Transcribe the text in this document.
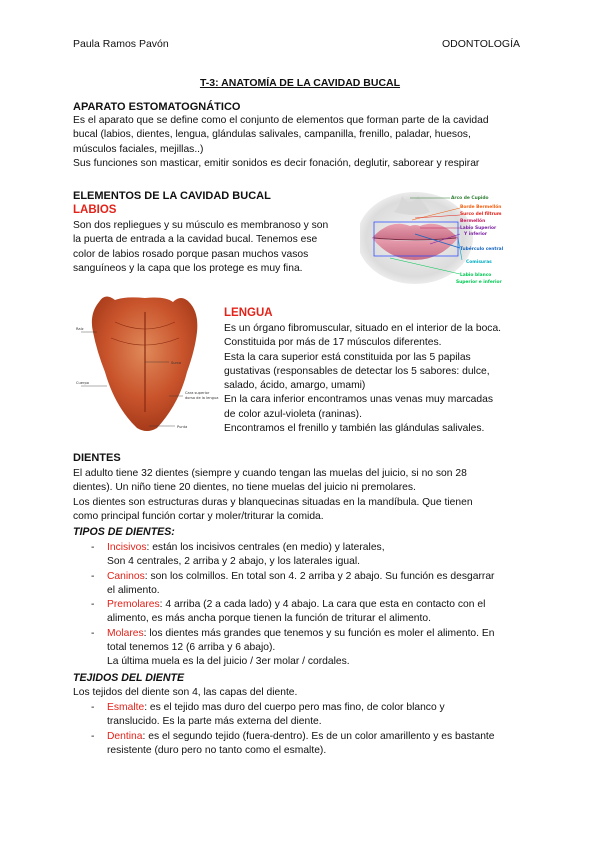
Paula Ramos Pavón	ODONTOLOGÍA
T-3: ANATOMÍA DE LA CAVIDAD BUCAL
APARATO ESTOMATOGNÁTICO
Es el aparato que se define como el conjunto de elementos que forman parte de la cavidad
bucal (labios, dientes, lengua, glándulas salivales, campanilla, frenillo, paladar, huesos,
músculos faciales, mejillas..)
Sus funciones son masticar, emitir sonidos es decir fonación, deglutir, saborear y respirar
ELEMENTOS DE LA CAVIDAD BUCAL
LABIOS
Son dos repliegues y su músculo es membranoso y son
la puerta de entrada a la cavidad bucal. Tenemos ese
color de labios rosado porque pasan muchos vasos
sanguíneos y la capa que los protege es muy fina.
Arco de Cupido
Borde Bermellón
Surco del filtrum
Bermellón
Labio Superior
Y inferior
Tubérculo central
Comisuras
Labio blanco
Superior e inferior
Raíz
Cuerpo
Surco
Cara superior
dorso de la lengua
Punta
LENGUA
Es un órgano fibromuscular, situado en el interior de la boca.
Constituida por más de 17 músculos diferentes.
Esta la cara superior está constituida por las 5 papilas
gustativas (responsables de detectar los 5 sabores: dulce,
salado, ácido, amargo, umami)
En la cara inferior encontramos unas venas muy marcadas
de color azul-violeta (raninas).
Encontramos el frenillo y también las glándulas salivales.
DIENTES
El adulto tiene 32 dientes (siempre y cuando tengan las muelas del juicio, si no son 28
dientes). Un niño tiene 20 dientes, no tiene muelas del juicio ni premolares.
Los dientes son estructuras duras y blanquecinas situadas en la mandíbula. Que tienen
como principal función cortar y moler/triturar la comida.
TIPOS DE DIENTES:
- Incisivos: están los incisivos centrales (en medio) y laterales,
Son 4 centrales, 2 arriba y 2 abajo, y los laterales igual.
- Caninos: son los colmillos. En total son 4. 2 arriba y 2 abajo. Su función es desgarrar
el alimento.
- Premolares: 4 arriba (2 a cada lado) y 4 abajo. La cara que esta en contacto con el
alimento, es más ancha porque tienen la función de triturar el alimento.
- Molares: los dientes más grandes que tenemos y su función es moler el alimento. En
total tenemos 12 (6 arriba y 6 abajo).
La última muela es la del juicio / 3er molar / cordales.
TEJIDOS DEL DIENTE
Los tejidos del diente son 4, las capas del diente.
- Esmalte: es el tejido mas duro del cuerpo pero mas fino, de color blanco y
translucido. Es la parte más externa del diente.
- Dentina: es el segundo tejido (fuera-dentro). Es de un color amarillento y es bastante
resistente (duro pero no tanto como el esmalte).
